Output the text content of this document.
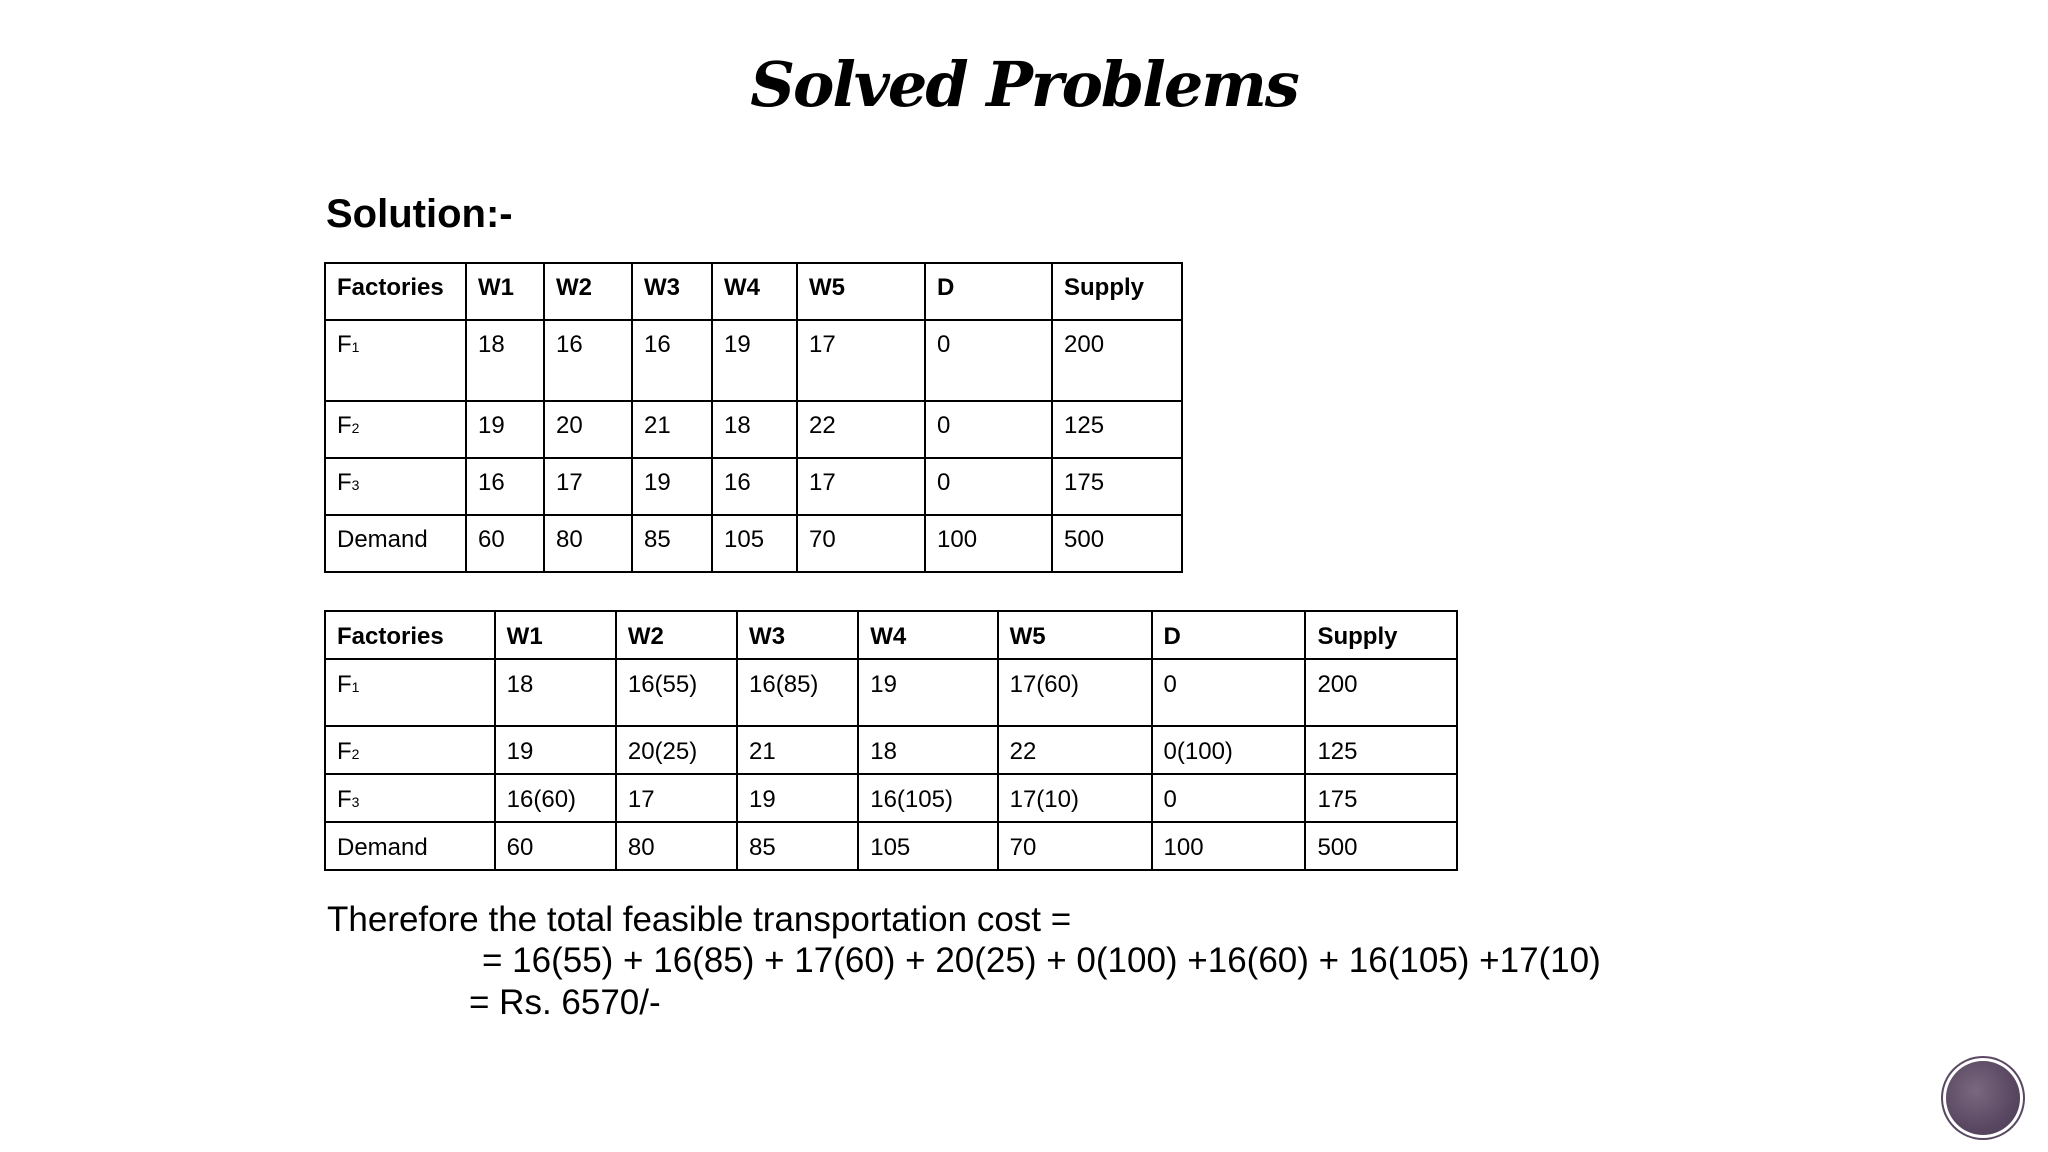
Solved Problems
Solution:-
Factories	W1	W2	W3	W4	W5	D	Supply
F1	18	16	16	19	17	0	200
F2	19	20	21	18	22	0	125
F3	16	17	19	16	17	0	175
Demand	60	80	85	105	70	100	500
Factories	W1	W2	W3	W4	W5	D	Supply
F1	18	16(55)	16(85)	19	17(60)	0	200
F2	19	20(25)	21	18	22	0(100)	125
F3	16(60)	17	19	16(105)	17(10)	0	175
Demand	60	80	85	105	70	100	500
Therefore the total feasible transportation cost =
= 16(55) + 16(85) + 17(60) + 20(25) + 0(100) +16(60) + 16(105) +17(10)
= Rs. 6570/-
